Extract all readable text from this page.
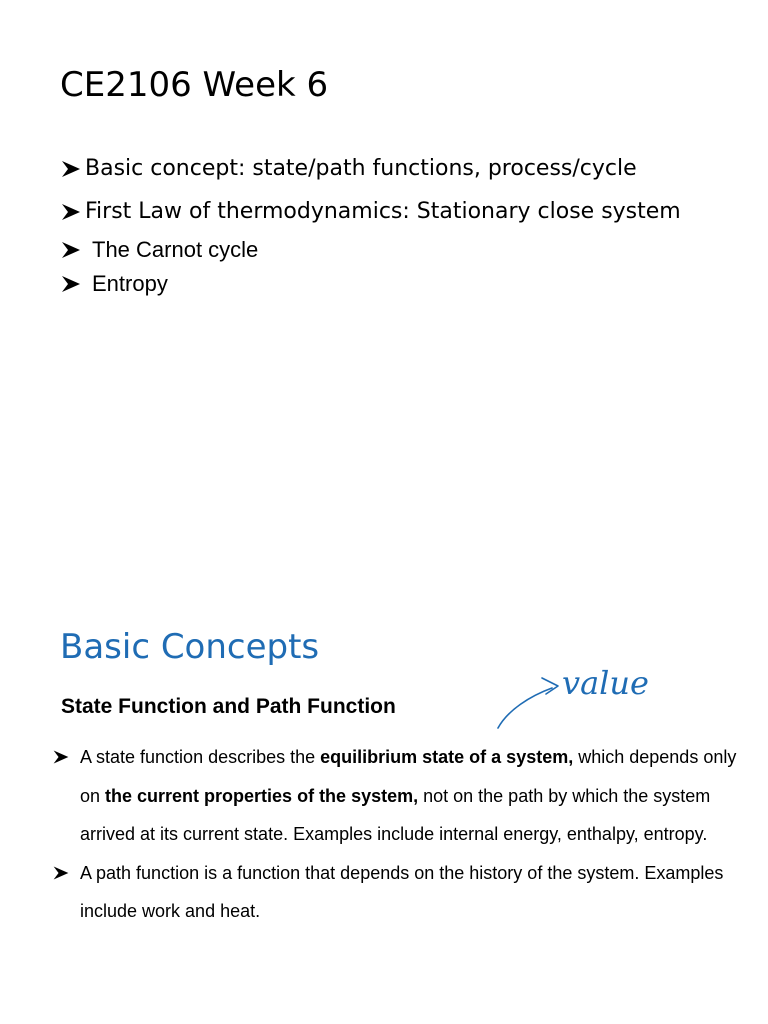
CE2106 Week 6
Basic concept: state/path functions, process/cycle
First Law of thermodynamics: Stationary close system
The Carnot cycle
Entropy
Basic Concepts
State Function and Path Function
value
A state function describes the equilibrium state of a system, which depends only on the current properties of the system, not on the path by which the system arrived at its current state. Examples include internal energy, enthalpy, entropy.
A path function is a function that depends on the history of the system. Examples include work and heat.
